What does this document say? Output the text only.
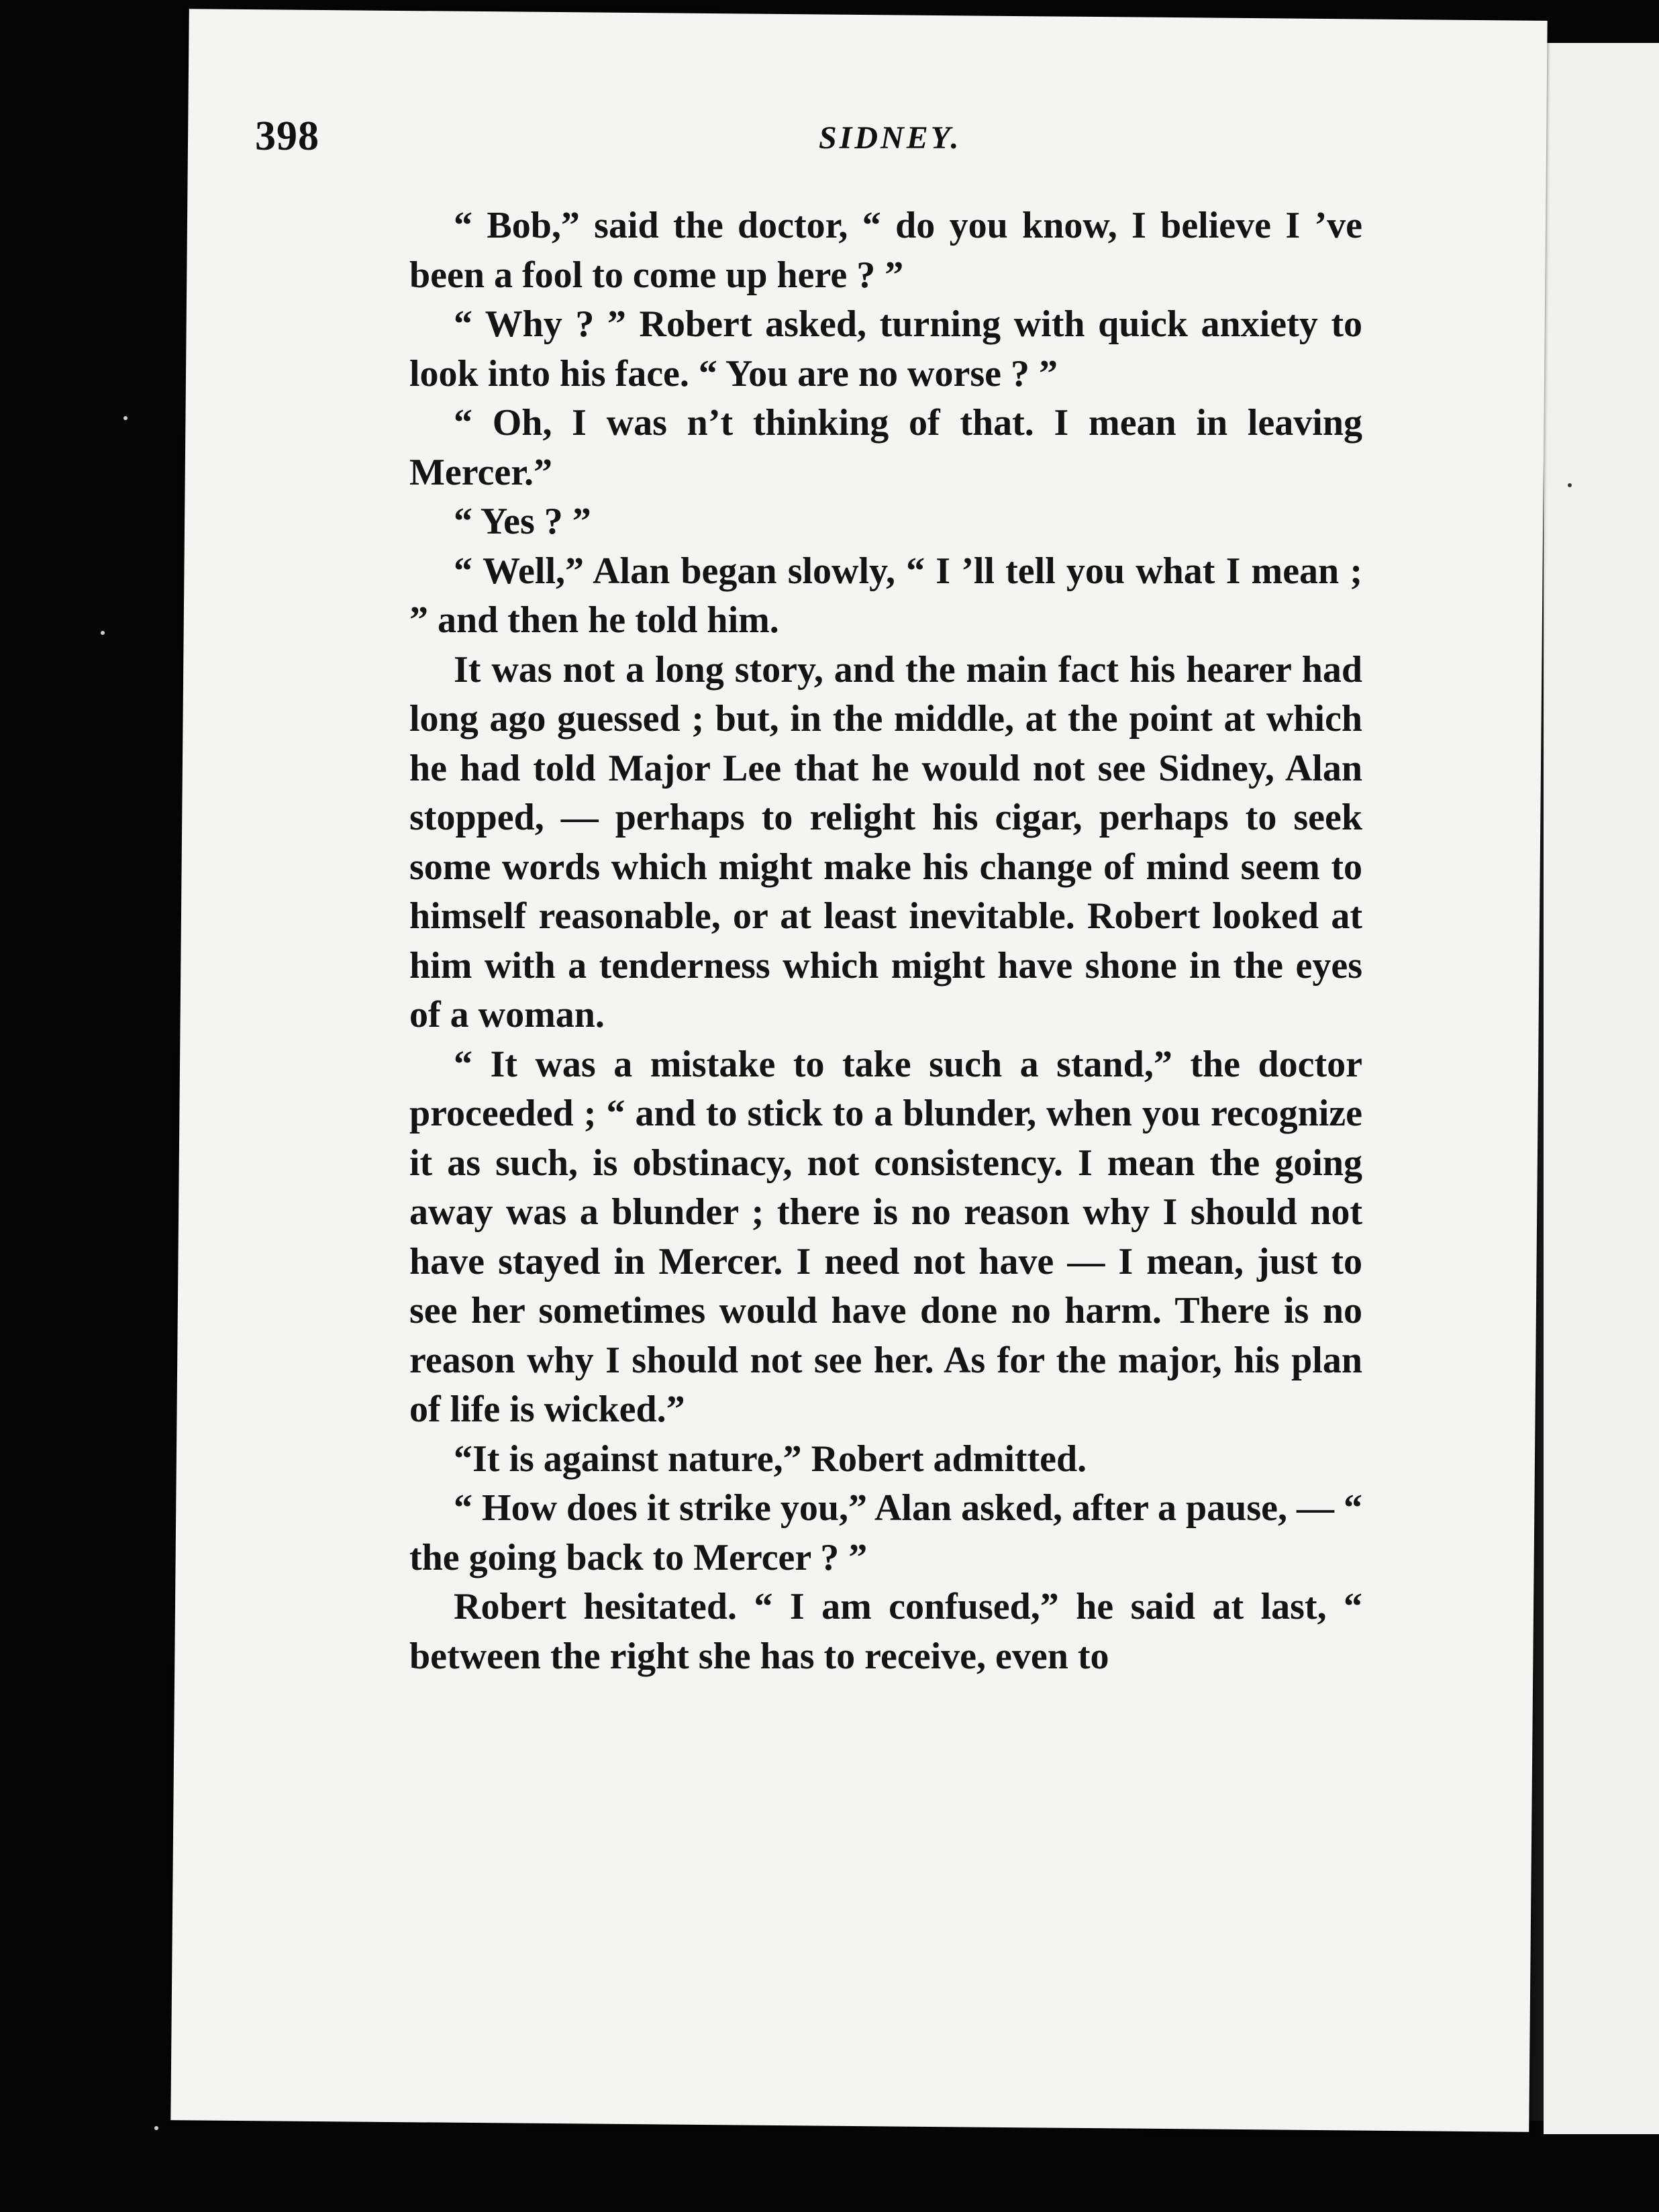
398	SIDNEY.

“ Bob,” said the doctor, “ do you know, I believe I ’ve been a fool to come up here ? ”

“ Why ? ” Robert asked, turning with quick anxiety to look into his face. “ You are no worse ? ”

“ Oh, I was n’t thinking of that. I mean in leaving Mercer.”

“ Yes ? ”

“ Well,” Alan began slowly, “ I ’ll tell you what I mean ; ” and then he told him.

It was not a long story, and the main fact his hearer had long ago guessed ; but, in the middle, at the point at which he had told Major Lee that he would not see Sidney, Alan stopped, — perhaps to relight his cigar, perhaps to seek some words which might make his change of mind seem to himself reasonable, or at least inevitable. Robert looked at him with a tenderness which might have shone in the eyes of a woman.

“ It was a mistake to take such a stand,” the doctor proceeded ; “ and to stick to a blunder, when you recognize it as such, is obstinacy, not consistency. I mean the going away was a blunder ; there is no reason why I should not have stayed in Mercer. I need not have — I mean, just to see her sometimes would have done no harm. There is no reason why I should not see her. As for the major, his plan of life is wicked.”

“It is against nature,” Robert admitted.

“ How does it strike you,” Alan asked, after a pause, — “ the going back to Mercer ? ”

Robert hesitated. “ I am confused,” he said at last, “ between the right she has to receive, even to
